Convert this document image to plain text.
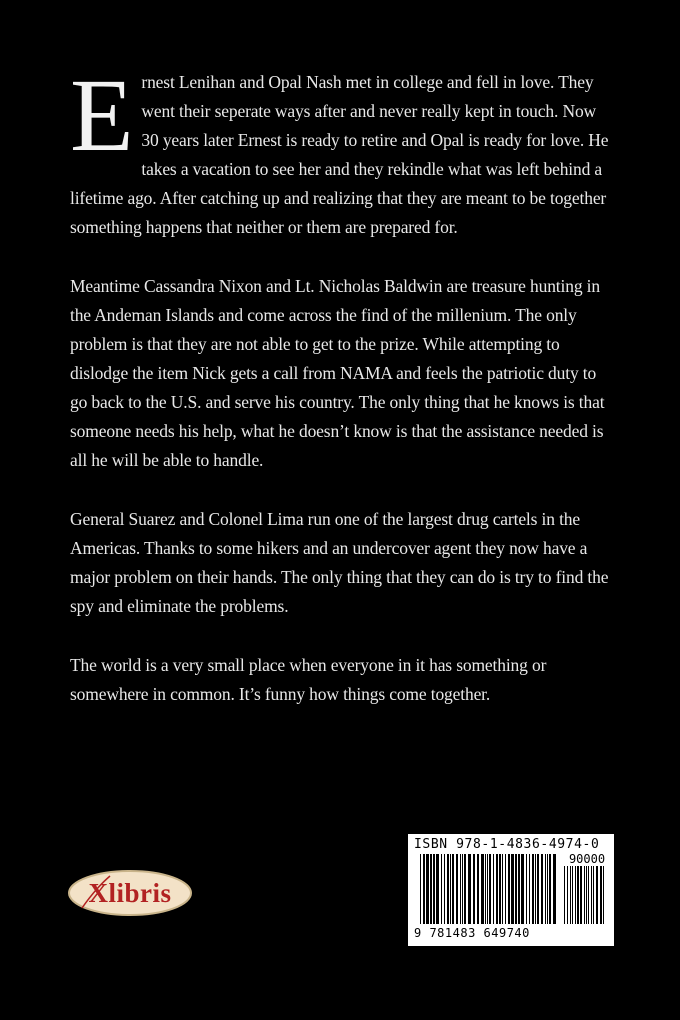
Ernest Lenihan and Opal Nash met in college and fell in love. They went their seperate ways after and never really kept in touch. Now 30 years later Ernest is ready to retire and Opal is ready for love. He takes a vacation to see her and they rekindle what was left behind a lifetime ago. After catching up and realizing that they are meant to be together something happens that neither or them are prepared for.

Meantime Cassandra Nixon and Lt. Nicholas Baldwin are treasure hunting in the Andeman Islands and come across the find of the millenium. The only problem is that they are not able to get to the prize. While attempting to dislodge the item Nick gets a call from NAMA and feels the patriotic duty to go back to the U.S. and serve his country. The only thing that he knows is that someone needs his help, what he doesn’t know is that the assistance needed is all he will be able to handle.

General Suarez and Colonel Lima run one of the largest drug cartels in the Americas. Thanks to some hikers and an undercover agent they now have a major problem on their hands. The only thing that they can do is try to find the spy and eliminate the problems.

The world is a very small place when everyone in it has something or somewhere in common. It’s funny how things come together.

Xlibris
ISBN 978-1-4836-4974-0
90000
9 781483 649740
